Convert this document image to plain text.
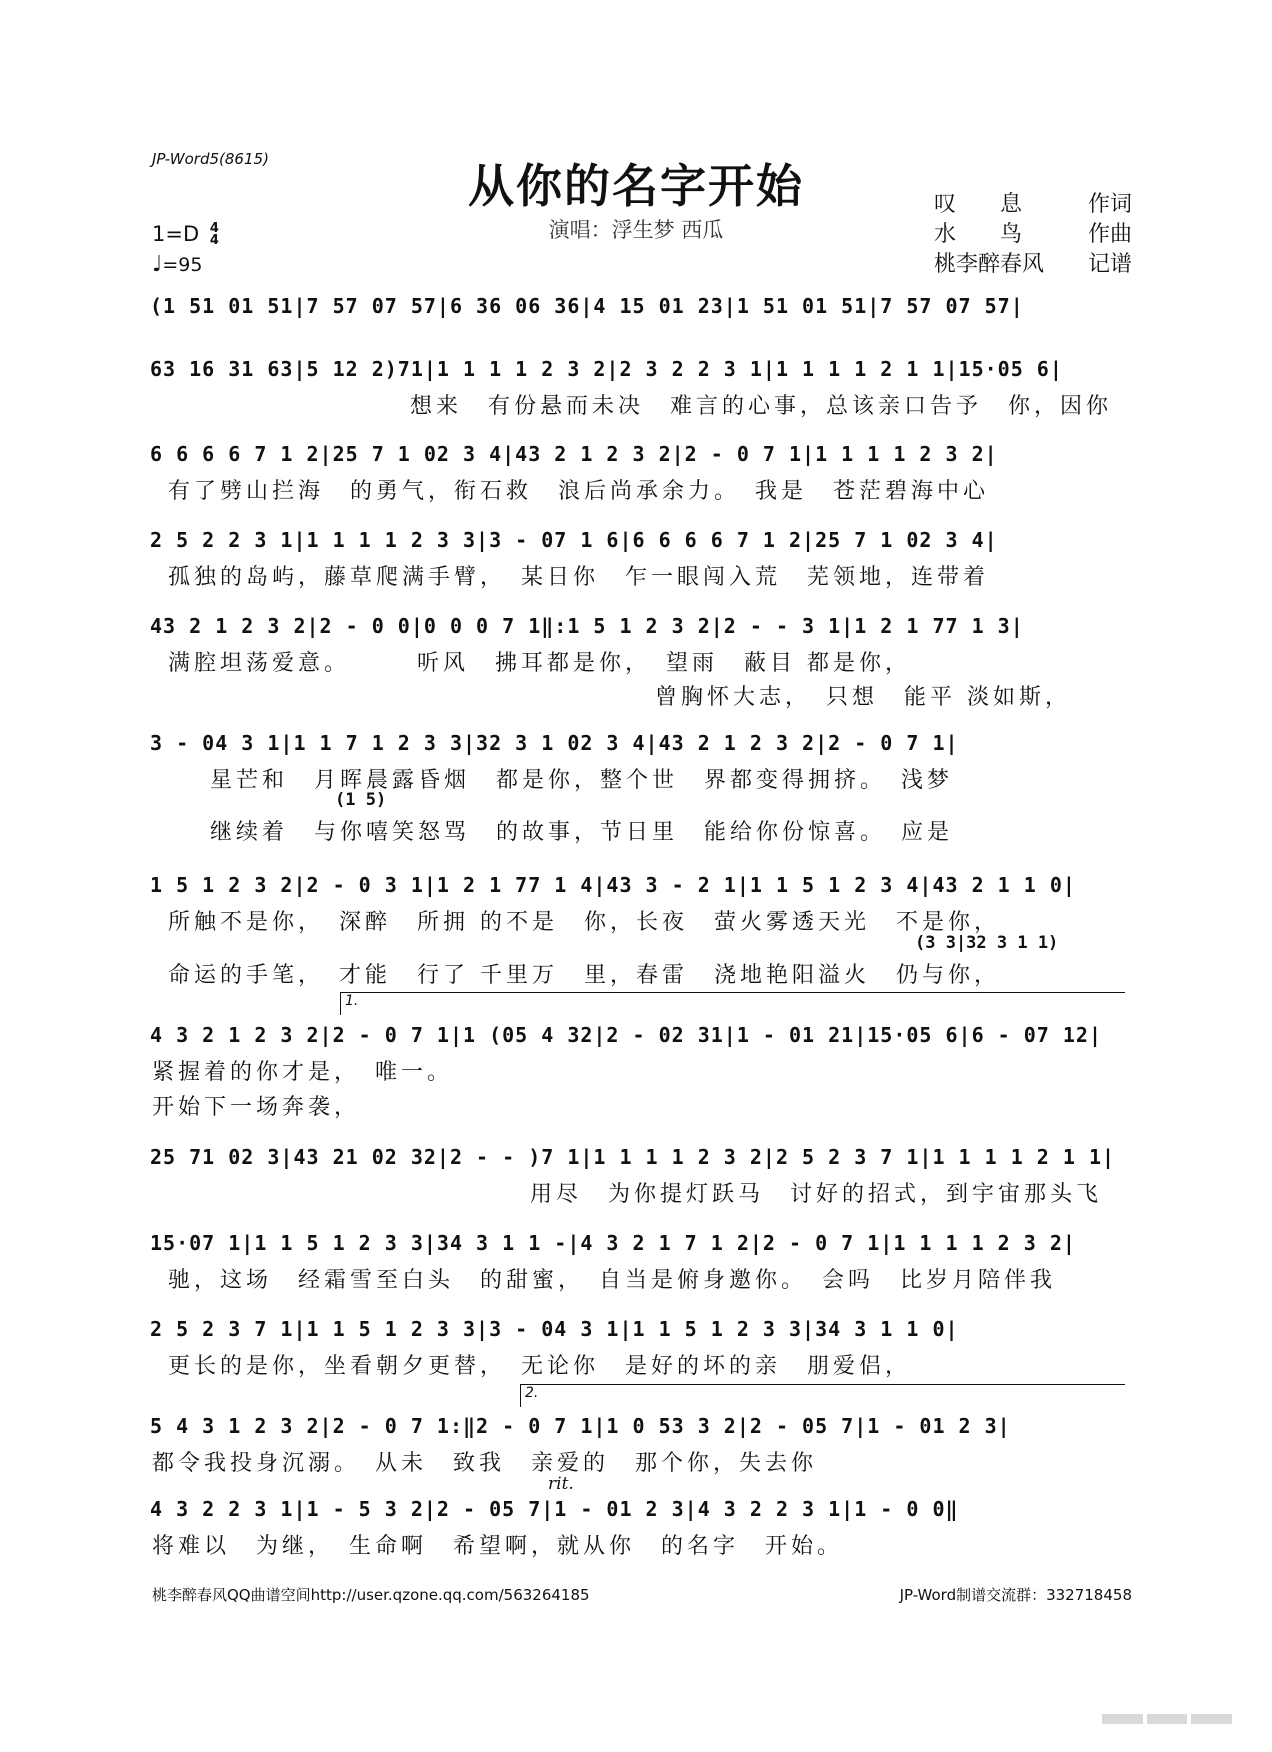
JP-Word5(8615)	从你的名字开始
演唱：浮生梦 西瓜
叹　　息	作词
水　　鸟	作曲
桃李醉春风 记谱
1=D 4
4
♩=95
(1 51 01 51|7 57 07 57|6 36 06 36|4 15 01 23|1 51 01 51|7 57 07 57|
63 16 31 63|5 12 2)71|1 1 1 1 2 3 2|2 3 2 2 3 1|1 1 1 1 2 1 1|15·05 6|
想来　有份悬而未决　难言的心事，总该亲口告予　你，因你
6 6 6 6 7 1 2|25 7 1 02 3 4|43 2 1 2 3 2|2 - 0 7 1|1 1 1 1 2 3 2|
有了劈山拦海　的勇气，衔石救　浪后尚承余力。　我是　苍茫碧海中心
2 5 2 2 3 1|1 1 1 1 2 3 3|3 - 07 1 6|6 6 6 6 7 1 2|25 7 1 02 3 4|
孤独的岛屿，藤草爬满手臂，　某日你　乍一眼闯入荒　芜领地，连带着
43 2 1 2 3 2|2 - 0 0|0 0 0 7 1‖:1 5 1 2 3 2|2 - - 3 1|1 2 1 77 1 3|
满腔坦荡爱意。　　　听风　拂耳都是你，　望雨　蔽目 都是你，
曾胸怀大志，　只想　能平 淡如斯，
3 - 04 3 1|1 1 7 1 2 3 3|32 3 1 02 3 4|43 2 1 2 3 2|2 - 0 7 1|
星芒和　月晖晨露昏烟　都是你，整个世　界都变得拥挤。　浅梦
(1 5)
继续着　与你嘻笑怒骂　的故事，节日里　能给你份惊喜。　应是
1 5 1 2 3 2|2 - 0 3 1|1 2 1 77 1 4|43 3 - 2 1|1 1 5 1 2 3 4|43 2 1 1 0|
所触不是你，　深醉　所拥 的不是　你，长夜　萤火雾透天光　不是你，
(3 3|32 3 1 1)
命运的手笔，　才能　行了 千里万　里，春雷　浇地艳阳溢火　仍与你，
1.
4 3 2 1 2 3 2|2 - 0 7 1|1 (05 4 32|2 - 02 31|1 - 01 21|15·05 6|6 - 07 12|
紧握着的你才是，　唯一。
开始下一场奔袭，
25 71 02 3|43 21 02 32|2 - - )7 1|1 1 1 1 2 3 2|2 5 2 3 7 1|1 1 1 1 2 1 1|
用尽　为你提灯跃马　讨好的招式，到宇宙那头飞
15·07 1|1 1 5 1 2 3 3|34 3 1 1 -|4 3 2 1 7 1 2|2 - 0 7 1|1 1 1 1 2 3 2|
驰，这场　经霜雪至白头　的甜蜜，　自当是俯身邀你。　会吗　比岁月陪伴我
2 5 2 3 7 1|1 1 5 1 2 3 3|3 - 04 3 1|1 1 5 1 2 3 3|34 3 1 1 0|
更长的是你，坐看朝夕更替，　无论你　是好的坏的亲　朋爱侣，
2.
5 4 3 1 2 3 2|2 - 0 7 1:‖2 - 0 7 1|1 0 53 3 2|2 - 05 7|1 - 01 2 3|
都令我投身沉溺。　从未　致我　亲爱的　那个你，失去你
rit.
4 3 2 2 3 1|1 - 5 3 2|2 - 05 7|1 - 01 2 3|4 3 2 2 3 1|1 - 0 0‖
将难以　为继，　生命啊　希望啊，就从你　的名字　开始。
桃李醉春风QQ曲谱空间http://user.qzone.qq.com/563264185	JP-Word制谱交流群：332718458
